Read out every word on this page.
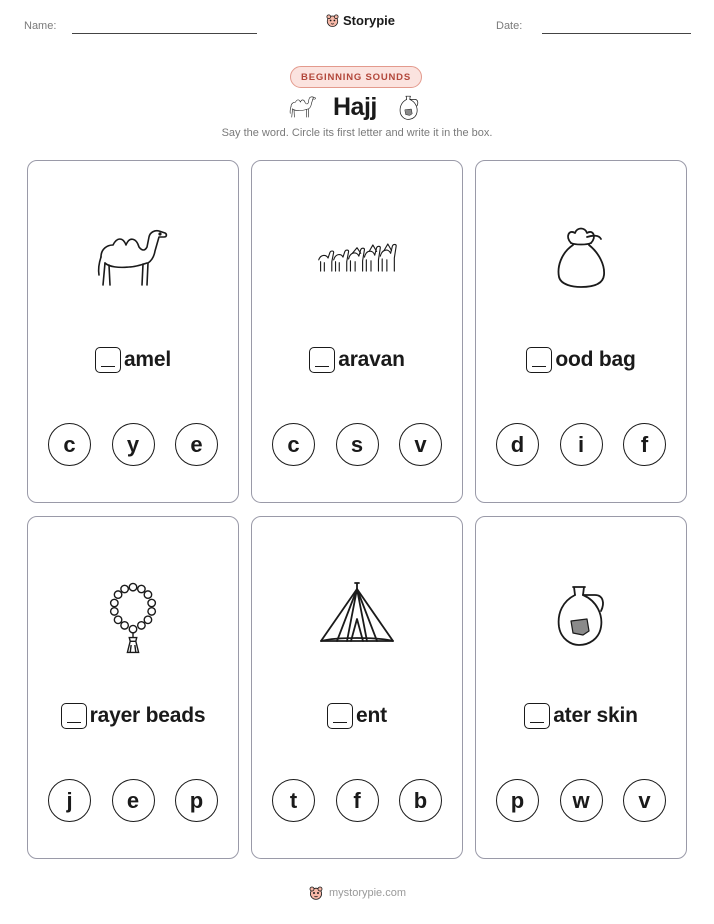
Name:	Storypie	Date:
BEGINNING SOUNDS
Hajj
Say the word. Circle its first letter and write it in the box.
amel
c	y	e
aravan
c	s	v
ood bag
d	i	f
rayer beads
j	e	p
ent
t	f	b
ater skin
p	w	v
mystorypie.com
